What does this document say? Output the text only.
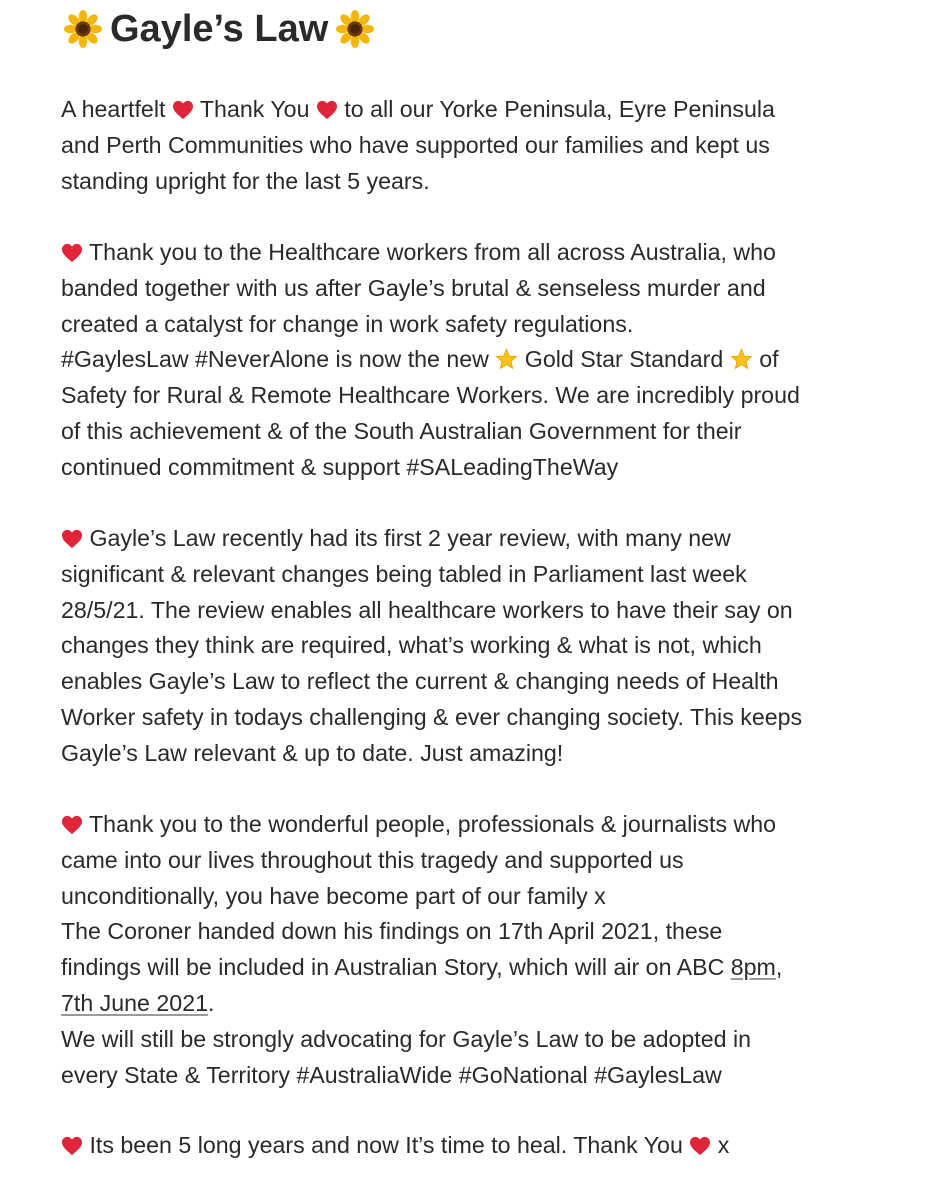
Gayle’s Law
A heartfelt  Thank You  to all our Yorke Peninsula, Eyre Peninsula
and Perth Communities who have supported our families and kept us
standing upright for the last 5 years.
Thank you to the Healthcare workers from all across Australia, who
banded together with us after Gayle’s brutal & senseless murder and
created a catalyst for change in work safety regulations.
#GaylesLaw #NeverAlone is now the new  Gold Star Standard  of
Safety for Rural & Remote Healthcare Workers. We are incredibly proud
of this achievement & of the South Australian Government for their
continued commitment & support #SALeadingTheWay
Gayle’s Law recently had its first 2 year review, with many new
significant & relevant changes being tabled in Parliament last week
28/5/21. The review enables all healthcare workers to have their say on
changes they think are required, what’s working & what is not, which
enables Gayle’s Law to reflect the current & changing needs of Health
Worker safety in todays challenging & ever changing society. This keeps
Gayle’s Law relevant & up to date. Just amazing!
Thank you to the wonderful people, professionals & journalists who
came into our lives throughout this tragedy and supported us
unconditionally, you have become part of our family x
The Coroner handed down his findings on 17th April 2021, these
findings will be included in Australian Story, which will air on ABC 8pm,
7th June 2021.
We will still be strongly advocating for Gayle’s Law to be adopted in
every State & Territory #AustraliaWide #GoNational #GaylesLaw
Its been 5 long years and now It’s time to heal. Thank You  x
